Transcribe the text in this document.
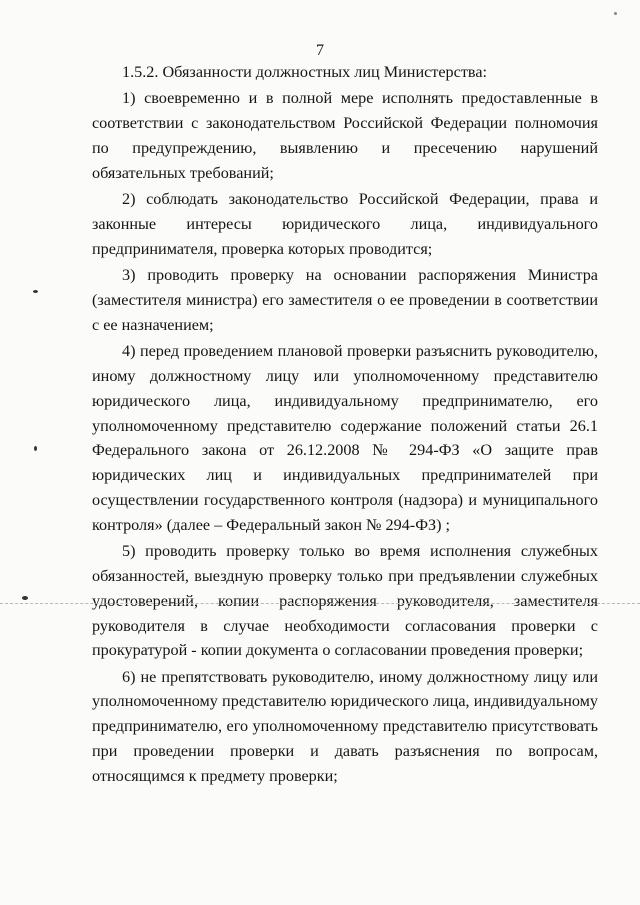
7

1.5.2. Обязанности должностных лиц Министерства:

1) своевременно и в полной мере исполнять предоставленные в соответствии с законодательством Российской Федерации полномочия по предупреждению, выявлению и пресечению нарушений обязательных требований;

2) соблюдать законодательство Российской Федерации, права и законные интересы юридического лица, индивидуального предпринимателя, проверка которых проводится;

3) проводить проверку на основании распоряжения Министра (заместителя министра) его заместителя о ее проведении в соответствии с ее назначением;

4) перед проведением плановой проверки разъяснить руководителю, иному должностному лицу или уполномоченному представителю юридического лица, индивидуальному предпринимателю, его уполномоченному представителю содержание положений статьи 26.1 Федерального закона от 26.12.2008 № 294-ФЗ «О защите прав юридических лиц и индивидуальных предпринимателей при осуществлении государственного контроля (надзора) и муниципального контроля» (далее – Федеральный закон № 294-ФЗ) ;

5) проводить проверку только во время исполнения служебных обязанностей, выездную проверку только при предъявлении служебных удостоверений, копии распоряжения руководителя, заместителя руководителя в случае необходимости согласования проверки с прокуратурой - копии документа о согласовании проведения проверки;

6) не препятствовать руководителю, иному должностному лицу или уполномоченному представителю юридического лица, индивидуальному предпринимателю, его уполномоченному представителю присутствовать при проведении проверки и давать разъяснения по вопросам, относящимся к предмету проверки;
